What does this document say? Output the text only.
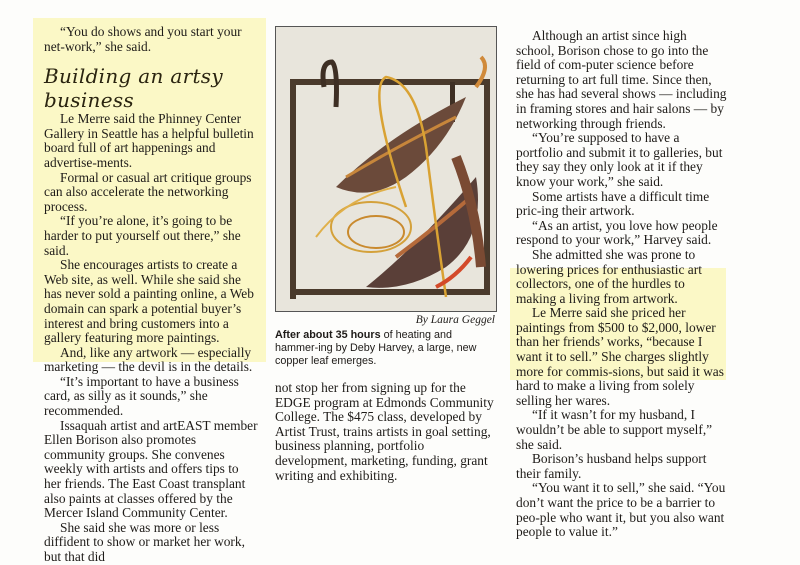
“You do shows and you start your net-work,” she said.

Building an artsy business

Le Merre said the Phinney Center Gallery in Seattle has a helpful bulletin board full of art happenings and advertise-ments.

Formal or casual art critique groups can also accelerate the networking process.

“If you’re alone, it’s going to be harder to put yourself out there,” she said.

She encourages artists to create a Web site, as well. While she said she has never sold a painting online, a Web domain can spark a potential buyer’s interest and bring customers into a gallery featuring more paintings.

And, like any artwork — especially marketing — the devil is in the details.

“It’s important to have a business card, as silly as it sounds,” she recommended.

Issaquah artist and artEAST member Ellen Borison also promotes community groups. She convenes weekly with artists and offers tips to her friends. The East Coast transplant also paints at classes offered by the Mercer Island Community Center.

She said she was more or less diffident to show or market her work, but that did

By Laura Geggel
After about 35 hours of heating and hammer-ing by Deby Harvey, a large, new copper leaf emerges.

not stop her from signing up for the EDGE program at Edmonds Community College. The $475 class, developed by Artist Trust, trains artists in goal setting, business planning, portfolio development, marketing, funding, grant writing and exhibiting.

Although an artist since high school, Borison chose to go into the field of com-puter science before returning to art full time. Since then, she has had several shows — including in framing stores and hair salons — by networking through friends.

“You’re supposed to have a portfolio and submit it to galleries, but they say they only look at it if they know your work,” she said.

Some artists have a difficult time pric-ing their artwork.

“As an artist, you love how people respond to your work,” Harvey said.

She admitted she was prone to lowering prices for enthusiastic art collectors, one of the hurdles to making a living from artwork.

Le Merre said she priced her paintings from $500 to $2,000, lower than her friends’ works, “because I want it to sell.” She charges slightly more for commis-sions, but said it was hard to make a living from solely selling her wares.

“If it wasn’t for my husband, I wouldn’t be able to support myself,” she said.

Borison’s husband helps support their family.

“You want it to sell,” she said. “You don’t want the price to be a barrier to peo-ple who want it, but you also want people to value it.”
